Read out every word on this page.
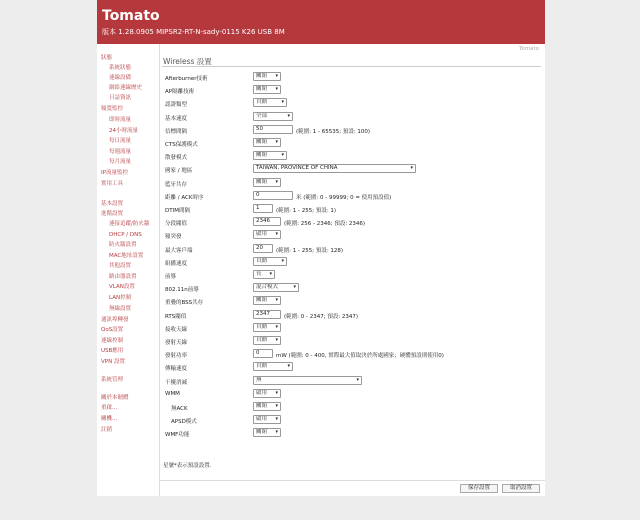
Tomato
版本 1.28.0905 MIPSR2-RT-N-sady-0115 K26 USB 8M
狀態
系統狀態
連線設備
網絡連線歷史
日誌資訊
頻寬監控
即時流量
24小時流量
每日流量
每週流量
每月流量
IP流量監控
實用工具
基本設置
進階設置
連接追蹤/防火牆
DHCP / DNS
防火牆設置
MAC地址設置
其他設置
路由器設置
VLAN設置
LAN控制
無線設置
通訊埠轉發
QoS設置
連線控制
USB應用
VPN 設置
系統管理
關於本韌體
重啟...
關機...
註銷
Tomato
Wireless 設置
Afterburner技術	關閉 ▾
AP隔離技術	關閉 ▾
認證類型	自動 ▾
基本速度	全部 ▾
信標間隔	50	(範圍: 1 - 65535; 預設: 100)
CTS保護模式	關閉 ▾
散發模式	關閉 ▾
國家 / 地區	TAIWAN, PROVINCE OF CHINA ▾
藍牙共存	關閉 ▾
距離 / ACK時序	0	米 (範圍: 0 - 99999; 0 = 使用預設值)
DTIM間隔	1	(範圍: 1 - 255; 預設: 1)
分段閥值	2346	(範圍: 256 - 2346; 預設: 2346)
頻突發	啟用 ▾
最大客戶端	20	(範圍: 1 - 255; 預設: 128)
組播速度	自動 ▾
前導	長 ▾
802.11n前導	混合模式 ▾
重疊的BSS共存	關閉 ▾
RTS閥值	2347	(範圍: 0 - 2347; 預設: 2347)
接收天線	自動 ▾
發射天線	自動 ▾
發射功率	0	mW (範圍: 0 - 400, 實際最大值取決於所處國家；硬體預設則使用0)
傳輸速度	自動 ▾
干擾消減	無 ▾
WMM	啟用 ▾
無ACK	關閉 ▾
APSD模式	啟用 ▾
WMF功能	關閉 ▾
星號*表示預設設置.
保存設置	取消設置
